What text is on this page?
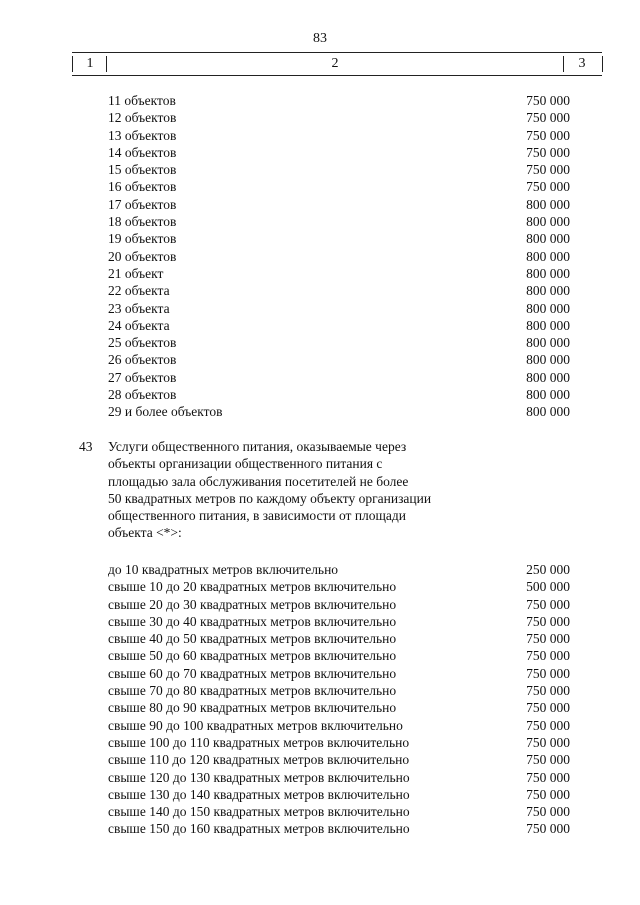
83
1	2	3
11 объектов	750 000
12 объектов	750 000
13 объектов	750 000
14 объектов	750 000
15 объектов	750 000
16 объектов	750 000
17 объектов	800 000
18 объектов	800 000
19 объектов	800 000
20 объектов	800 000
21 объект	800 000
22 объекта	800 000
23 объекта	800 000
24 объекта	800 000
25 объектов	800 000
26 объектов	800 000
27 объектов	800 000
28 объектов	800 000
29 и более объектов	800 000
43 Услуги общественного питания, оказываемые через
объекты организации общественного питания с
площадью зала обслуживания посетителей не более
50 квадратных метров по каждому объекту организации
общественного питания, в зависимости от площади
объекта <*>:
до 10 квадратных метров включительно	250 000
свыше 10 до 20 квадратных метров включительно	500 000
свыше 20 до 30 квадратных метров включительно	750 000
свыше 30 до 40 квадратных метров включительно	750 000
свыше 40 до 50 квадратных метров включительно	750 000
свыше 50 до 60 квадратных метров включительно	750 000
свыше 60 до 70 квадратных метров включительно	750 000
свыше 70 до 80 квадратных метров включительно	750 000
свыше 80 до 90 квадратных метров включительно	750 000
свыше 90 до 100 квадратных метров включительно	750 000
свыше 100 до 110 квадратных метров включительно	750 000
свыше 110 до 120 квадратных метров включительно	750 000
свыше 120 до 130 квадратных метров включительно	750 000
свыше 130 до 140 квадратных метров включительно	750 000
свыше 140 до 150 квадратных метров включительно	750 000
свыше 150 до 160 квадратных метров включительно	750 000
